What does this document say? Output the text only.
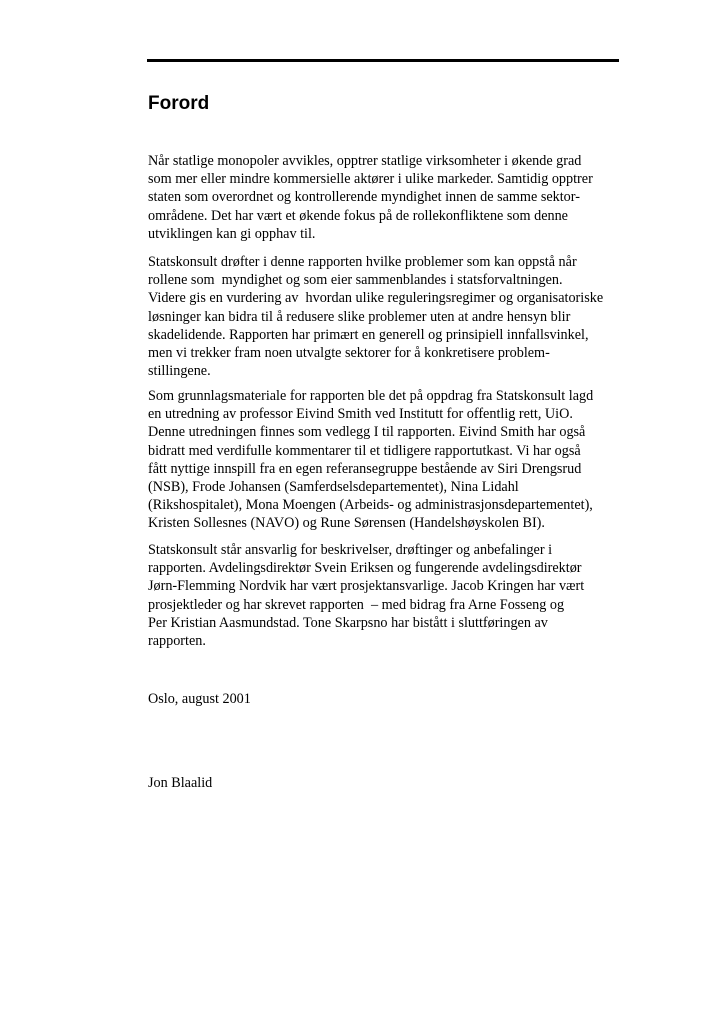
Forord

Når statlige monopoler avvikles, opptrer statlige virksomheter i økende grad
som mer eller mindre kommersielle aktører i ulike markeder. Samtidig opptrer
staten som overordnet og kontrollerende myndighet innen de samme sektor-
områdene. Det har vært et økende fokus på de rollekonfliktene som denne
utviklingen kan gi opphav til.

Statskonsult drøfter i denne rapporten hvilke problemer som kan oppstå når
rollene som  myndighet og som eier sammenblandes i statsforvaltningen.
Videre gis en vurdering av  hvordan ulike reguleringsregimer og organisatoriske
løsninger kan bidra til å redusere slike problemer uten at andre hensyn blir
skadelidende. Rapporten har primært en generell og prinsipiell innfallsvinkel,
men vi trekker fram noen utvalgte sektorer for å konkretisere problem-
stillingene.

Som grunnlagsmateriale for rapporten ble det på oppdrag fra Statskonsult lagd
en utredning av professor Eivind Smith ved Institutt for offentlig rett, UiO.
Denne utredningen finnes som vedlegg I til rapporten. Eivind Smith har også
bidratt med verdifulle kommentarer til et tidligere rapportutkast. Vi har også
fått nyttige innspill fra en egen referansegruppe bestående av Siri Drengsrud
(NSB), Frode Johansen (Samferdselsdepartementet), Nina Lidahl
(Rikshospitalet), Mona Moengen (Arbeids- og administrasjonsdepartementet),
Kristen Sollesnes (NAVO) og Rune Sørensen (Handelshøyskolen BI).

Statskonsult står ansvarlig for beskrivelser, drøftinger og anbefalinger i
rapporten. Avdelingsdirektør Svein Eriksen og fungerende avdelingsdirektør
Jørn-Flemming Nordvik har vært prosjektansvarlige. Jacob Kringen har vært
prosjektleder og har skrevet rapporten  – med bidrag fra Arne Fosseng og
Per Kristian Aasmundstad. Tone Skarpsno har bistått i sluttføringen av
rapporten.

Oslo, august 2001

Jon Blaalid
